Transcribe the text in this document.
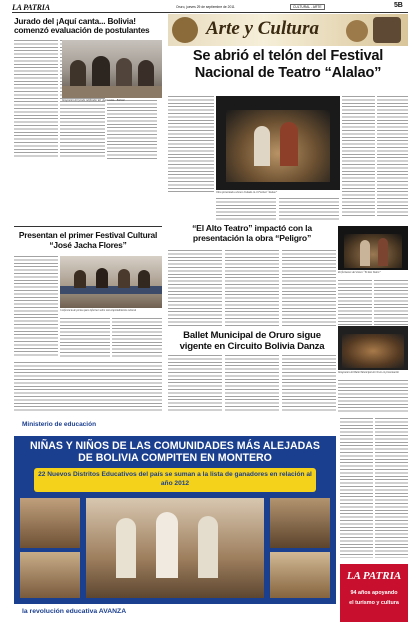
LA PATRIA	Oruro, jueves 29 de septiembre de 2011	CULTURAL - ARTE	5B
Jurado del ¡Aquí canta... Bolivia! comenzó evaluación de postulantes
Integrantes del jurado calificador del ¡Aquí canta... Bolivia!
Arte y Cultura
Se abrió el telón del Festival Nacional de Teatro “Alalao”
Obra presentada a elenco invitado en el Festival “Alalao”
Presentan el primer Festival Cultural “José Jacha Flores”
Conferencia de prensa para informar sobre este emprendimiento cultural
“El Alto Teatro” impactó con la presentación la obra “Peligro”
Performance del elenco “El Alto Teatro”
Ballet Municipal de Oruro sigue vigente en Circuito Bolivia Danza
Integrantes del Ballet Municipal de Oruro en presentación
Ministerio de educación
NIÑAS Y NIÑOS DE LAS COMUNIDADES MÁS ALEJADAS DE BOLIVIA COMPITEN EN MONTERO
22 Nuevos Distritos Educativos del país se suman a la lista de ganadores en relación al año 2012
la revolución educativa AVANZA
LA PATRIA
94 años apoyando
el turismo y cultura
